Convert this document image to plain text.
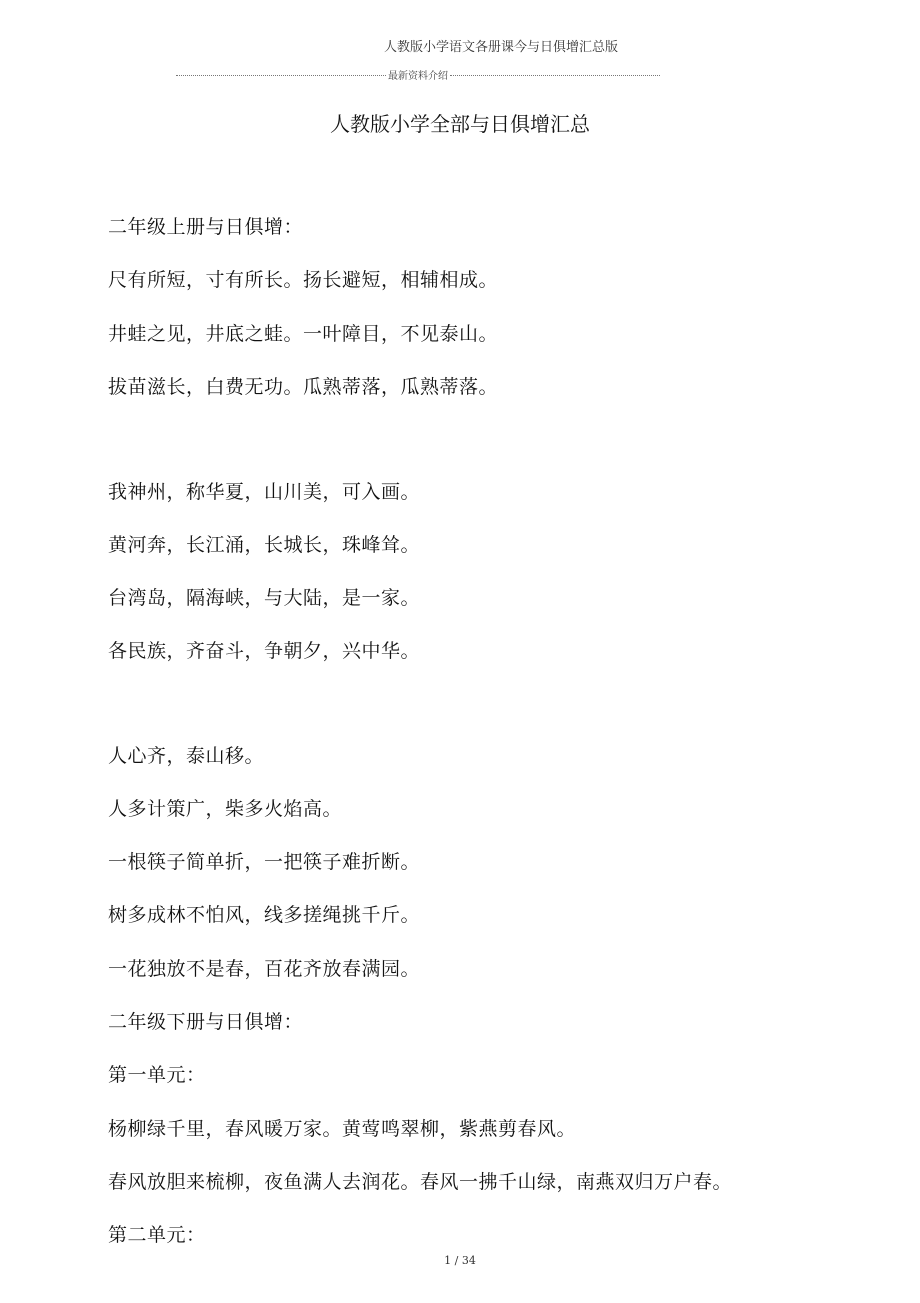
人教版小学语文各册课今与日俱增汇总版
最新资料介绍
人教版小学全部与日俱增汇总
二年级上册与日俱增：
尺有所短，寸有所长。扬长避短，相辅相成。
井蛙之见，井底之蛙。一叶障目，不见泰山。
拔苗滋长，白费无功。瓜熟蒂落，瓜熟蒂落。
我神州，称华夏，山川美，可入画。
黄河奔，长江涌，长城长，珠峰耸。
台湾岛，隔海峡，与大陆，是一家。
各民族，齐奋斗，争朝夕，兴中华。
人心齐，泰山移。
人多计策广，柴多火焰高。
一根筷子简单折，一把筷子难折断。
树多成林不怕风，线多搓绳挑千斤。
一花独放不是春，百花齐放春满园。
二年级下册与日俱增：
第一单元：
杨柳绿千里，春风暖万家。黄莺鸣翠柳，紫燕剪春风。
春风放胆来梳柳，夜鱼满人去润花。春风一拂千山绿，南燕双归万户春。
第二单元：
1 / 34
